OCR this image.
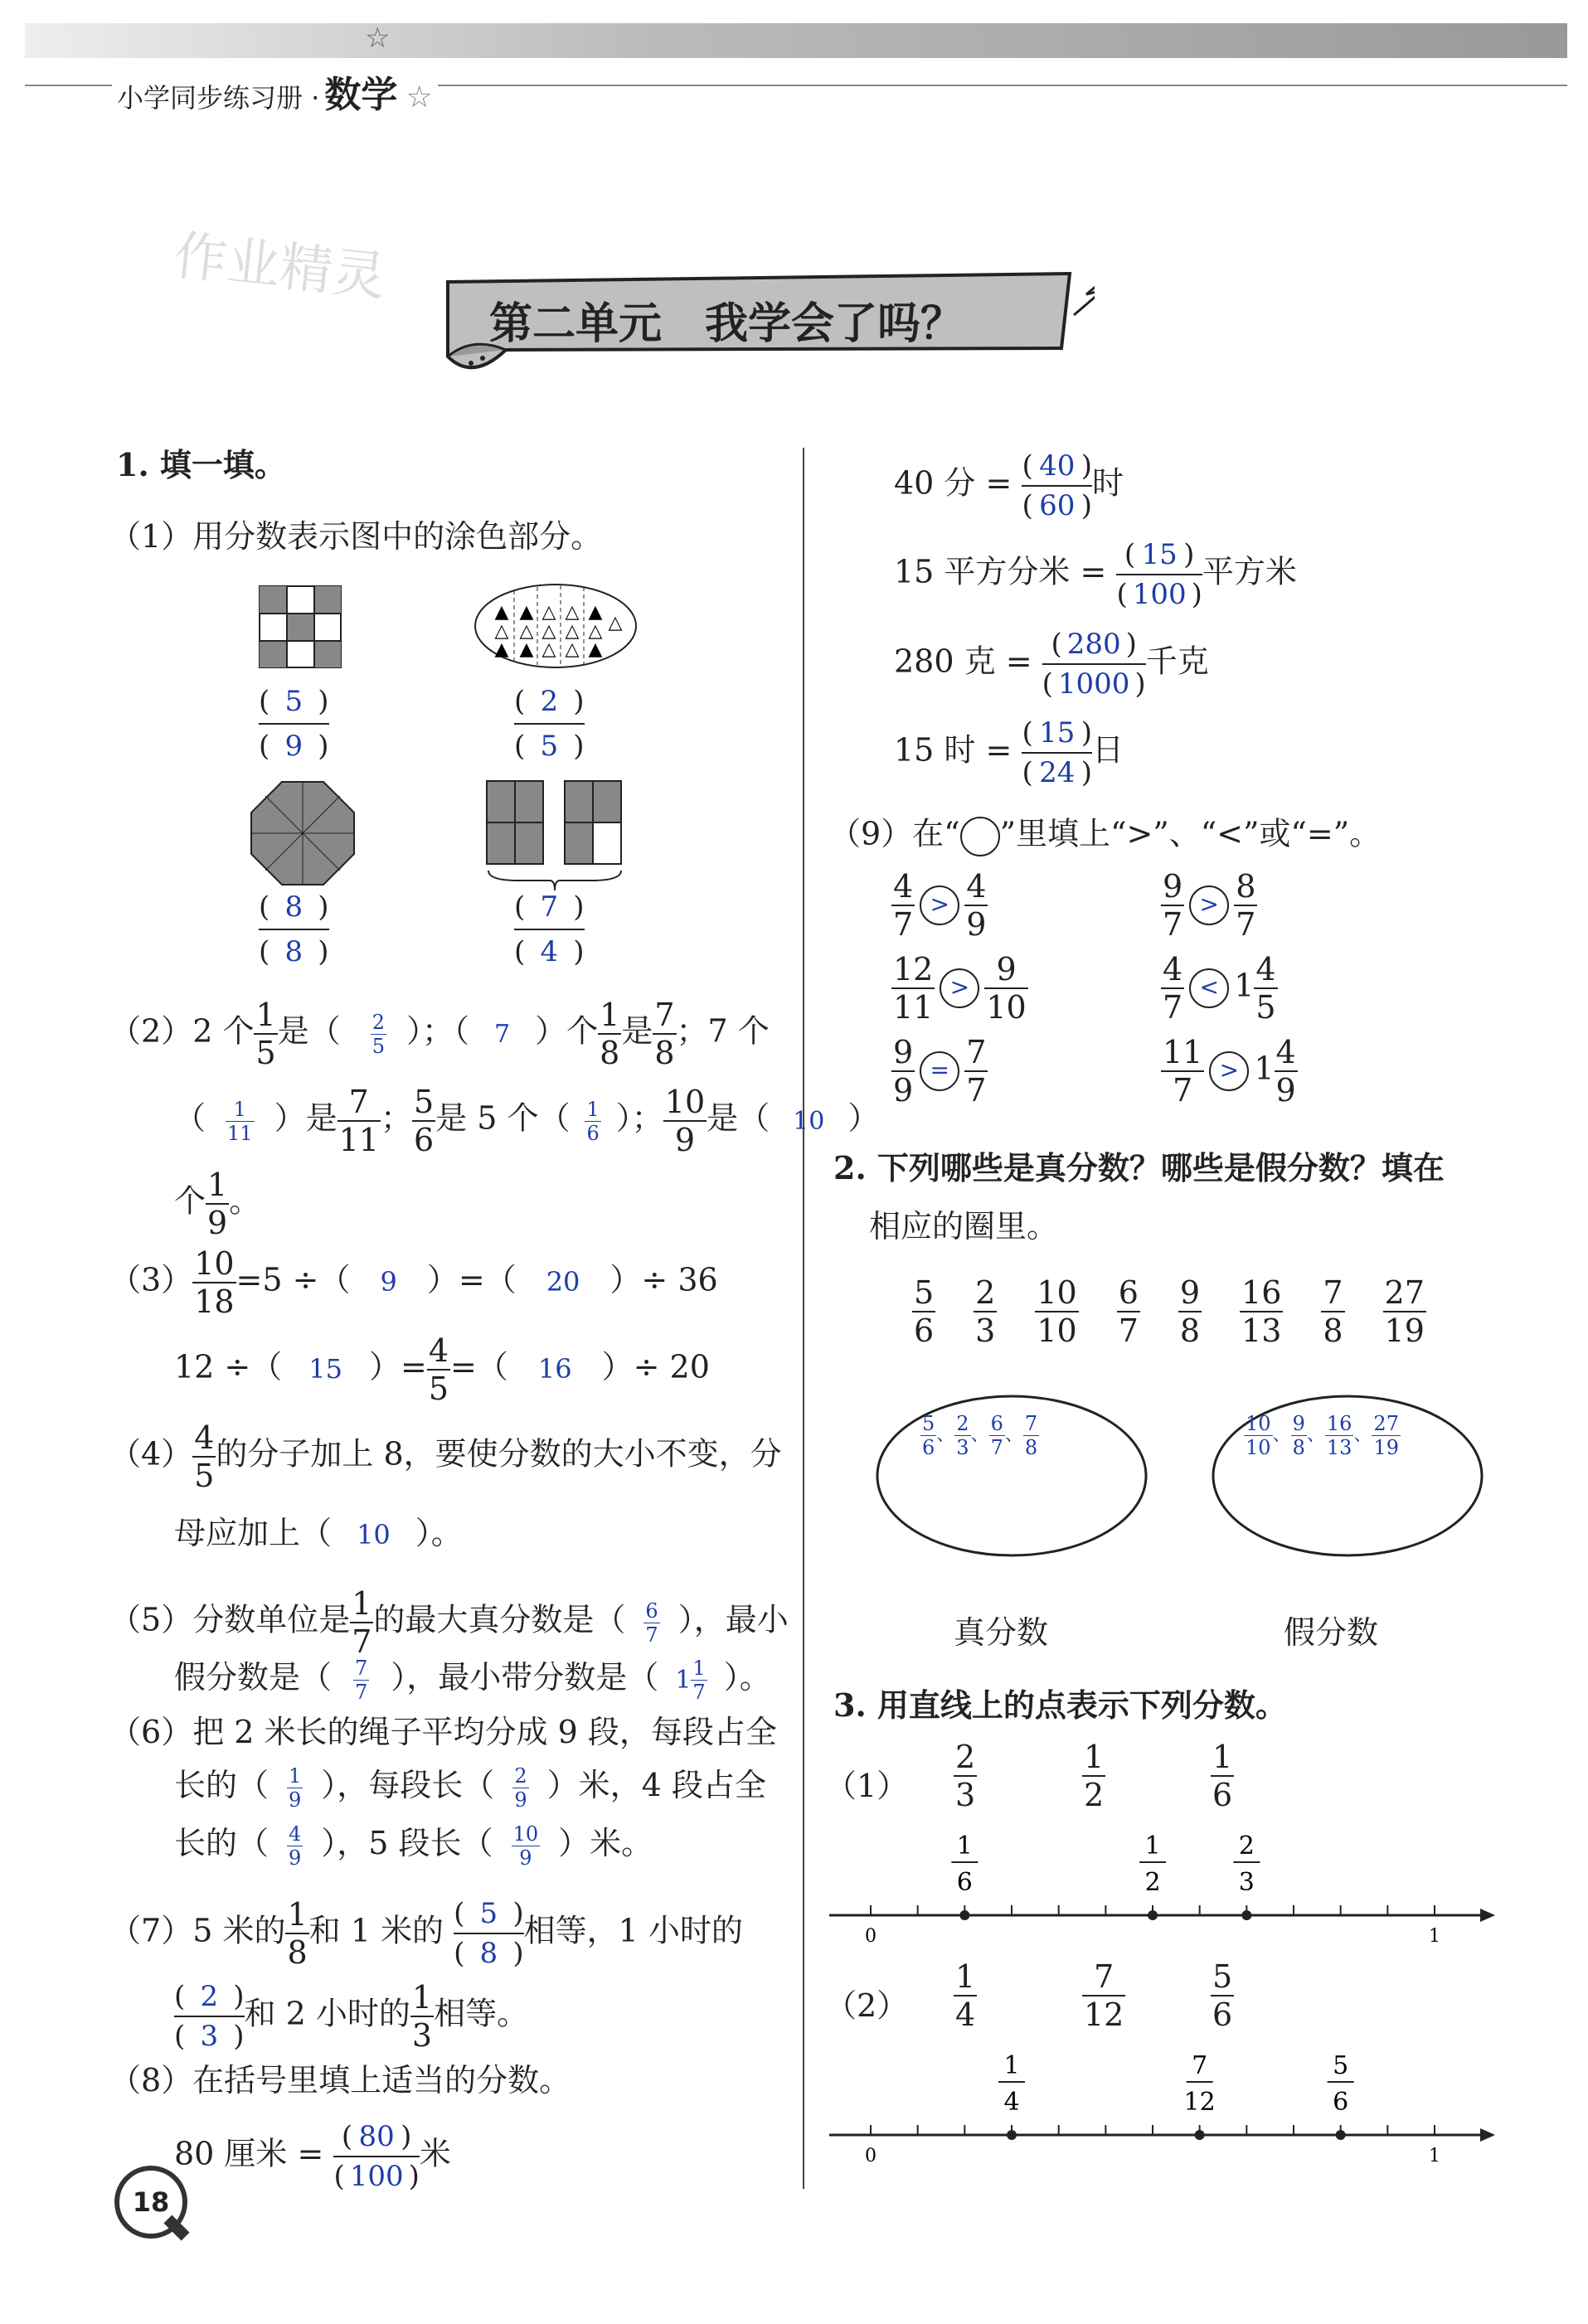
小学同步练习册 · 数学 ☆
☆
作业精灵
第二单元　我学会了吗？
1. 填一填。
（1）用分数表示图中的涂色部分。
▲
△
▲
▲
△
▲
△
△
△
△
△
△
▲
△
▲
△
( 5 )
( 9 )
( 2 )
( 5 )
( 8 )
( 8 )
( 7 )
( 4 )
（2）2 个 $\frac{1}{5}$ 是（ $\frac{2}{5}$ ）；（ 7 ）个 $\frac{1}{8}$ 是 $\frac{7}{8}$ ；7 个
（ $\frac{1}{11}$ ）是 $\frac{7}{11}$ ； $\frac{5}{6}$ 是 5 个（ $\frac{1}{6}$ ）； $\frac{10}{9}$ 是（ 10 ）
个 $\frac{1}{9}$ 。
$(3) \frac{10}{18} =5$ ÷（ 9 ）=（ 20 ）÷ 36
12 ÷（ 15 ）= $\frac{4}{5}$ =（ 16 ）÷ 20
$(4) \frac{4}{5}$ 的分子加上 8，要使分数的大小不变，分
母应加上（ 10 ）。
（5）分数单位是 $\frac{1}{7}$ 的最大真分数是（ $\frac{6}{7}$ ），最小
假分数是（ $\frac{7}{7}$ ），最小带分数是（ $1 \frac{1}{7}$ ）。
（6）把 2 米长的绳子平均分成 9 段，每段占全
长的（ $\frac{1}{9}$ ），每段长（ $\frac{2}{9}$ ）米，4 段占全
长的（ $\frac{4}{9}$ ），5 段长（ $\frac{10}{9}$ ）米。
（7）5 米的 $\frac{1}{8}$ 和 1 米的 $\frac{( 5 )}{( 8 )}$ 相等，1 小时的
$\frac{( 2 )}{( 3 )}$ 和 2 小时的 $\frac{1}{3}$ 相等。
（8）在括号里填上适当的分数。
80 厘米 = $\frac{( 80 )}{( 100 )}$ 米
40 分 = $\frac{( 40 )}{( 60 )}$ 时
15 平方分米 = $\frac{( 15 )}{( 100 )}$ 平方米
280 克 = $\frac{( 280 )}{( 1000 )}$ 千克
15 时 = $\frac{( 15 )}{( 24 )}$ 日
（9）在“ ”里填上“>”、“<”或“=”。
$\frac{4}{7} > \frac{4}{9}$	$\frac{9}{7} > \frac{8}{7}$
$\frac{12}{11} > \frac{9}{10}$	$\frac{4}{7} < 1 \frac{4}{5}$
$\frac{9}{9} = \frac{7}{7}$	$\frac{11}{7} > 1 \frac{4}{9}$
2. 下列哪些是真分数？哪些是假分数？填在
相应的圈里。
$\frac{5}{6} \frac{2}{3} \frac{10}{10} \frac{6}{7} \frac{9}{8} \frac{16}{13} \frac{7}{8} \frac{27}{19}$
$\frac{5}{6}$ 、 $\frac{2}{3}$ 、 $\frac{6}{7}$ 、 $\frac{7}{8}$	$\frac{10}{10}$ 、 $\frac{9}{8}$ 、 $\frac{16}{13}$ 、 $\frac{27}{19}$
真分数	假分数
3. 用直线上的点表示下列分数。
$(1) \frac{2}{3}$	$\frac{1}{2}$	$\frac{1}{6}$
0	1
1
6
1
2
2
3
$(2) \frac{1}{4}$	$\frac{7}{12}$	$\frac{5}{6}$
0	1
1
4
7
12
5
6
18
